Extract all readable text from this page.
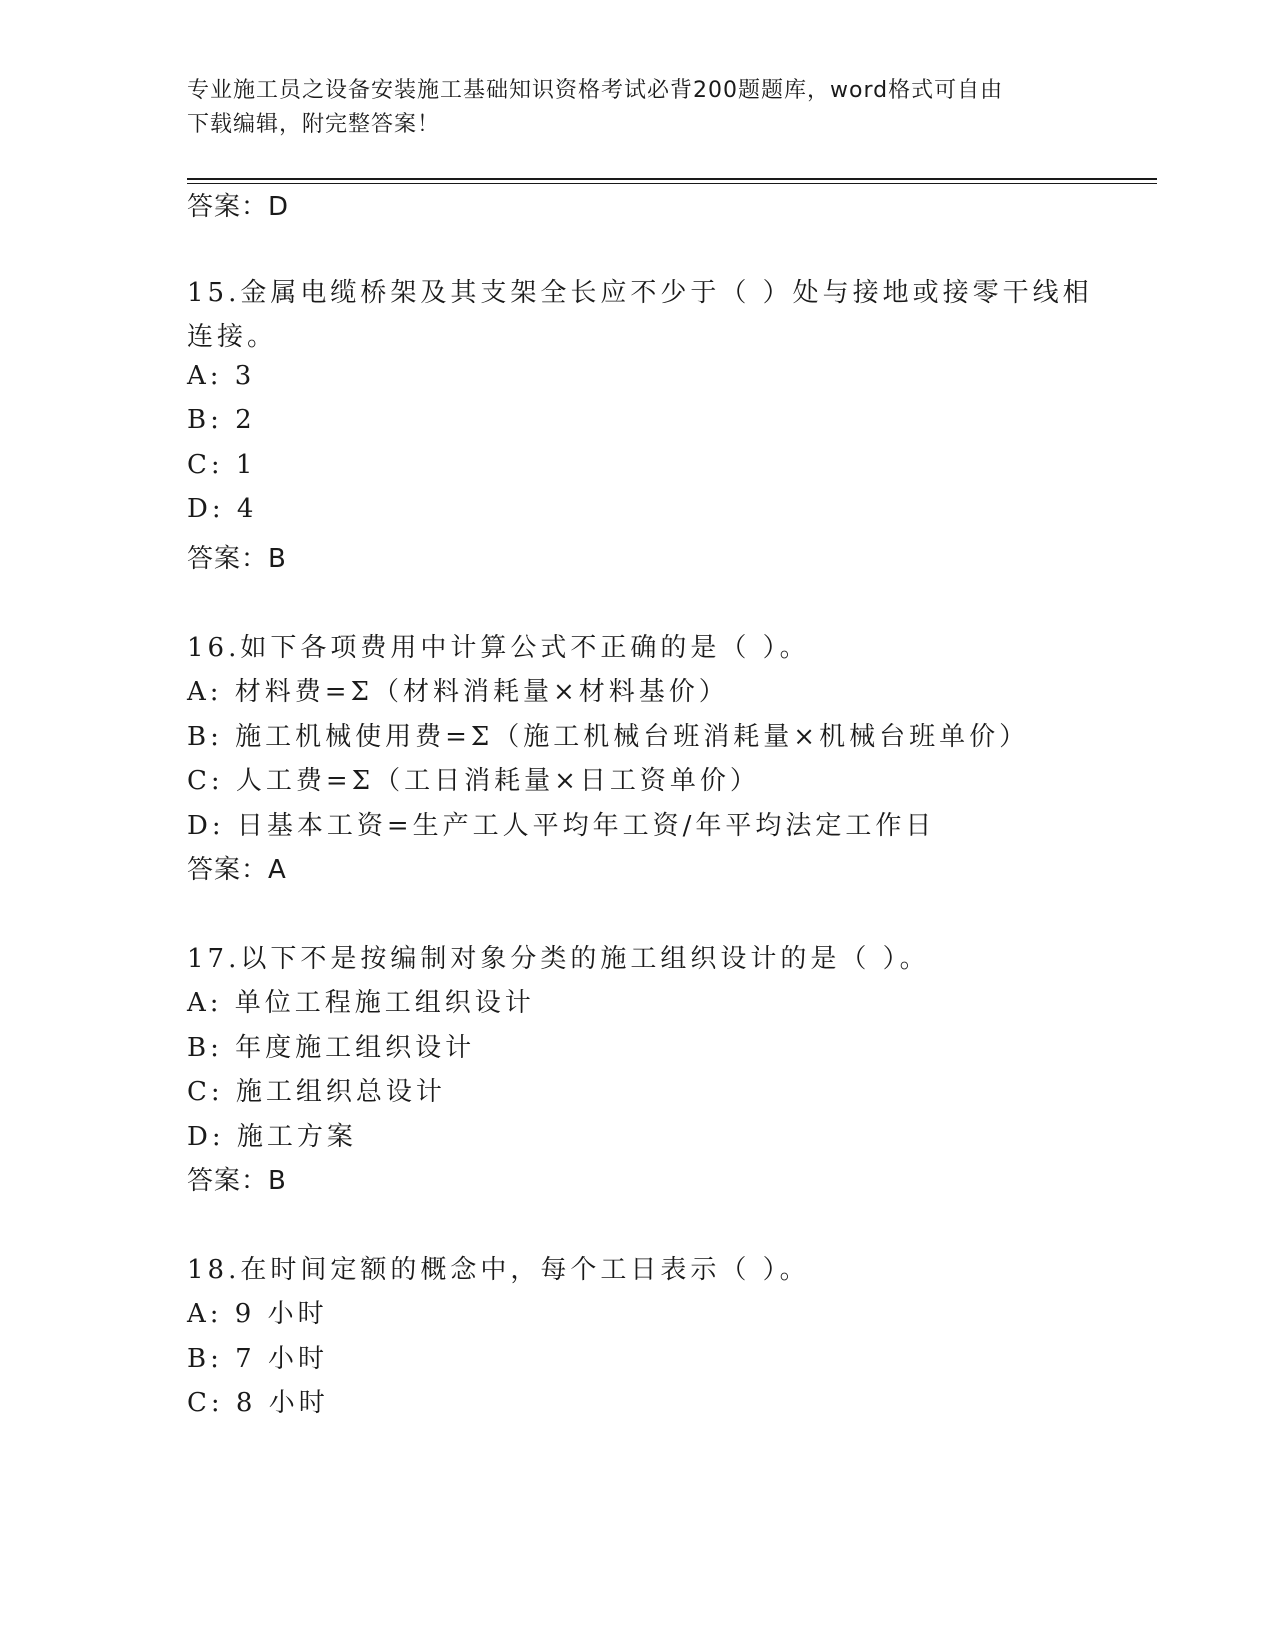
专业施工员之设备安装施工基础知识资格考试必背200题题库，word格式可自由
下载编辑，附完整答案！
答案：D
15.金属电缆桥架及其支架全长应不少于（ ）处与接地或接零干线相
连接。
A: 3
B: 2
C: 1
D: 4
答案：B
16.如下各项费用中计算公式不正确的是（ ）。
A: 材料费=Σ（材料消耗量×材料基价）
B: 施工机械使用费=Σ（施工机械台班消耗量×机械台班单价）
C: 人工费=Σ（工日消耗量×日工资单价）
D: 日基本工资=生产工人平均年工资/年平均法定工作日
答案：A
17.以下不是按编制对象分类的施工组织设计的是（ ）。
A: 单位工程施工组织设计
B: 年度施工组织设计
C: 施工组织总设计
D: 施工方案
答案：B
18.在时间定额的概念中，每个工日表示（ ）。
A: 9 小时
B: 7 小时
C: 8 小时
